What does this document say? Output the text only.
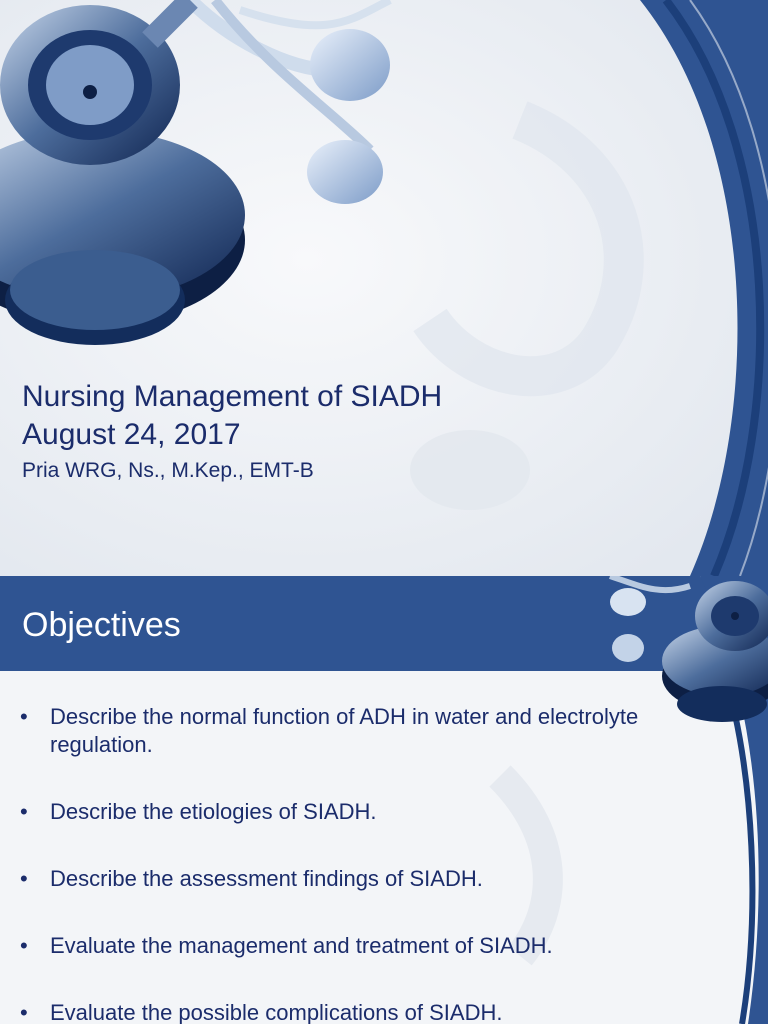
Nursing Management of SIADH
August 24, 2017
Pria WRG, Ns., M.Kep., EMT-B
Objectives
• Describe the normal function of ADH in water and electrolyte regulation.
• Describe the etiologies of SIADH.
• Describe the assessment findings of SIADH.
• Evaluate the management and treatment of SIADH.
• Evaluate the possible complications of SIADH.
